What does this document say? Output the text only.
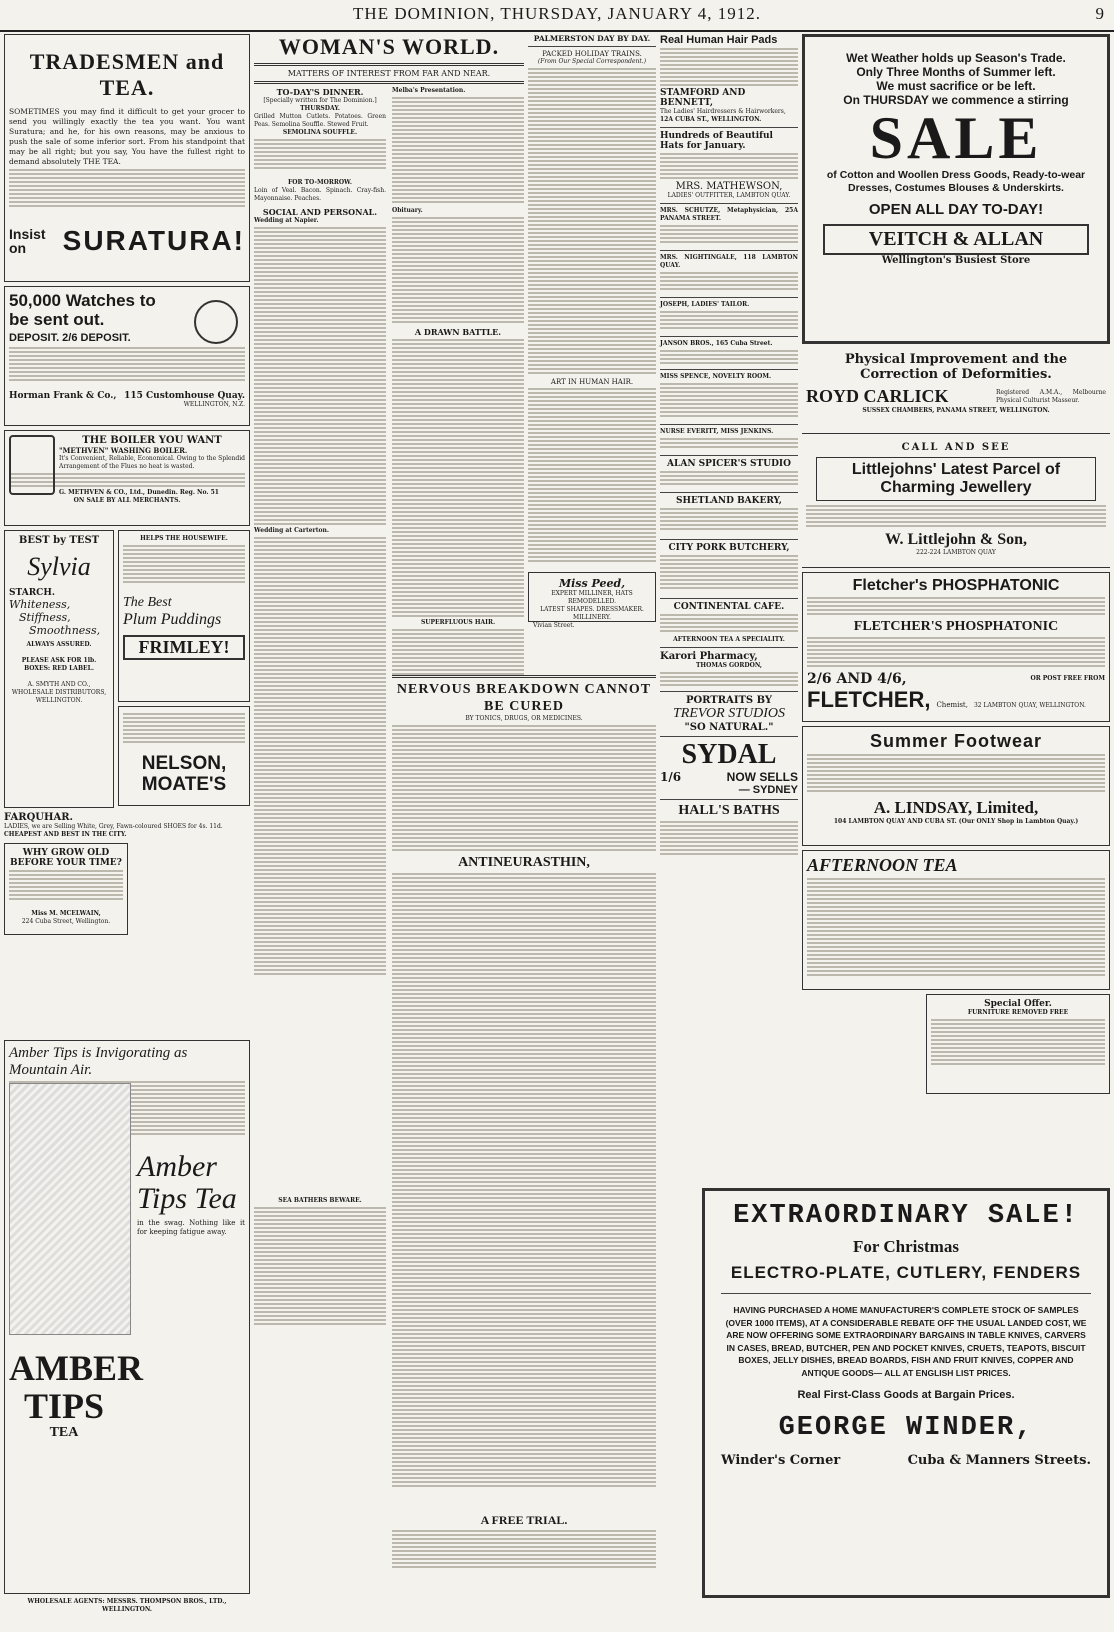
THE DOMINION, THURSDAY, JANUARY 4, 1912.	9
TRADESMEN and TEA.
SOMETIMES you may find it difficult to get your grocer to send you willingly exactly the tea you want. You want Suratura; and he, for his own reasons, may be anxious to push the sale of some inferior sort. From his standpoint that may be all right; but you say, You have the fullest right to demand absolutely THE TEA.
Insist on	SURATURA!
50,000 Watches to be sent out.
DEPOSIT. 2/6 DEPOSIT.
Horman Frank & Co., 115 Customhouse Quay.
WELLINGTON, N.Z.
THE BOILER YOU WANT
"METHVEN" WASHING BOILER.
It's Convenient, Reliable, Economical. Owing to the Splendid Arrangement of the Flues no heat is wasted.
G. METHVEN & CO., Ltd., Dunedin. Reg. No. 51
ON SALE BY ALL MERCHANTS.
BEST by TEST
Sylvia
STARCH.
Whiteness,
Stiffness,
Smoothness,
ALWAYS ASSURED.
PLEASE ASK FOR 1lb. BOXES: RED LABEL.
A. SMYTH AND CO., WHOLESALE DISTRIBUTORS, WELLINGTON.
HELPS THE HOUSEWIFE.
The Best
Plum Puddings
FRIMLEY!
NELSON, MOATE'S
FARQUHAR.
LADIES, we are Selling White, Grey, Fawn-coloured SHOES for 4s. 11d.
CHEAPEST AND BEST IN THE CITY.
WHY GROW OLD BEFORE YOUR TIME?
Miss M. MCELWAIN,
224 Cuba Street, Wellington.
Amber Tips is Invigorating as Mountain Air.
Amber Tips Tea
in the swag. Nothing like it for keeping fatigue away.
AMBER TIPS
TEA
WHOLESALE AGENTS: MESSRS. THOMPSON BROS., LTD., WELLINGTON.
WOMAN'S WORLD.
MATTERS OF INTEREST FROM FAR AND NEAR.
TO-DAY'S DINNER.
[Specially written for The Dominion.]
THURSDAY.
Grilled Mutton Cutlets. Potatoes. Green Peas. Semolina Souffle. Stewed Fruit.
SEMOLINA SOUFFLE.
FOR TO-MORROW.
Loin of Veal. Bacon. Spinach. Cray-fish. Mayonnaise. Peaches.
SOCIAL AND PERSONAL.
Wedding at Napier.
Wedding at Carterton.
SEA BATHERS BEWARE.
Melba's Presentation.
Obituary.
A DRAWN BATTLE.
SUPERFLUOUS HAIR.
PALMERSTON DAY BY DAY.
PACKED HOLIDAY TRAINS.
(From Our Special Correspondent.)
ART IN HUMAN HAIR.
Miss Peed,
EXPERT MILLINER, HATS REMODELLED.
LATEST SHAPES. DRESSMAKER. MILLINERY.
Vivian Street.
NERVOUS BREAKDOWN CANNOT BE CURED
BY TONICS, DRUGS, OR MEDICINES.
ANTINEURASTHIN,
A FREE TRIAL.
Real Human Hair Pads
STAMFORD AND BENNETT,
The Ladies' Hairdressers & Hairworkers,
12A CUBA ST., WELLINGTON.
Hundreds of Beautiful Hats for January.
MRS. MATHEWSON,
LADIES' OUTFITTER, LAMBTON QUAY.
MRS. SCHUTZE, Metaphysician, 25A PANAMA STREET.
MRS. NIGHTINGALE, 118 LAMBTON QUAY.
JOSEPH, LADIES' TAILOR.
JANSON BROS., 165 Cuba Street.
MISS SPENCE, NOVELTY ROOM.
NURSE EVERITT, MISS JENKINS.
ALAN SPICER'S STUDIO
SHETLAND BAKERY,
CITY PORK BUTCHERY,
CONTINENTAL CAFE.
AFTERNOON TEA A SPECIALITY.
Karori Pharmacy,
THOMAS GORDON,
PORTRAITS BY
TREVOR STUDIOS
"SO NATURAL."
SYDAL
1/6	NOW SELLS
— SYDNEY
HALL'S BATHS
Wet Weather holds up Season's Trade.
Only Three Months of Summer left.
We must sacrifice or be left.
On THURSDAY we commence a stirring
SALE
of Cotton and Woollen Dress Goods, Ready-to-wear Dresses, Costumes Blouses & Underskirts.
OPEN ALL DAY TO-DAY!
VEITCH & ALLAN
Wellington's Busiest Store
Physical Improvement and the Correction of Deformities.
ROYD CARLICK	Registered A.M.A., Melbourne Physical Culturist Masseur.
SUSSEX CHAMBERS, PANAMA STREET, WELLINGTON.
CALL AND SEE
Littlejohns' Latest Parcel of Charming Jewellery
W. Littlejohn & Son,
222-224 LAMBTON QUAY
Fletcher's PHOSPHATONIC
FLETCHER'S PHOSPHATONIC
2/6 AND 4/6,	OR POST FREE FROM
FLETCHER, Chemist, 32 LAMBTON QUAY, WELLINGTON.
Summer Footwear
A. LINDSAY, Limited,
104 LAMBTON QUAY AND CUBA ST. (Our ONLY Shop in Lambton Quay.)
AFTERNOON TEA
Special Offer.
FURNITURE REMOVED FREE
EXTRAORDINARY SALE!
For Christmas
ELECTRO-PLATE, CUTLERY, FENDERS
HAVING PURCHASED A HOME MANUFACTURER'S COMPLETE STOCK OF SAMPLES (OVER 1000 ITEMS), AT A CONSIDERABLE REBATE OFF THE USUAL LANDED COST, WE ARE NOW OFFERING SOME EXTRAORDINARY BARGAINS IN TABLE KNIVES, CARVERS IN CASES, BREAD, BUTCHER, PEN AND POCKET KNIVES, CRUETS, TEAPOTS, BISCUIT BOXES, JELLY DISHES, BREAD BOARDS, FISH AND FRUIT KNIVES, COPPER AND ANTIQUE GOODS— ALL AT ENGLISH LIST PRICES.
Real First-Class Goods at Bargain Prices.
GEORGE WINDER,
Winder's Corner	Cuba & Manners Streets.
